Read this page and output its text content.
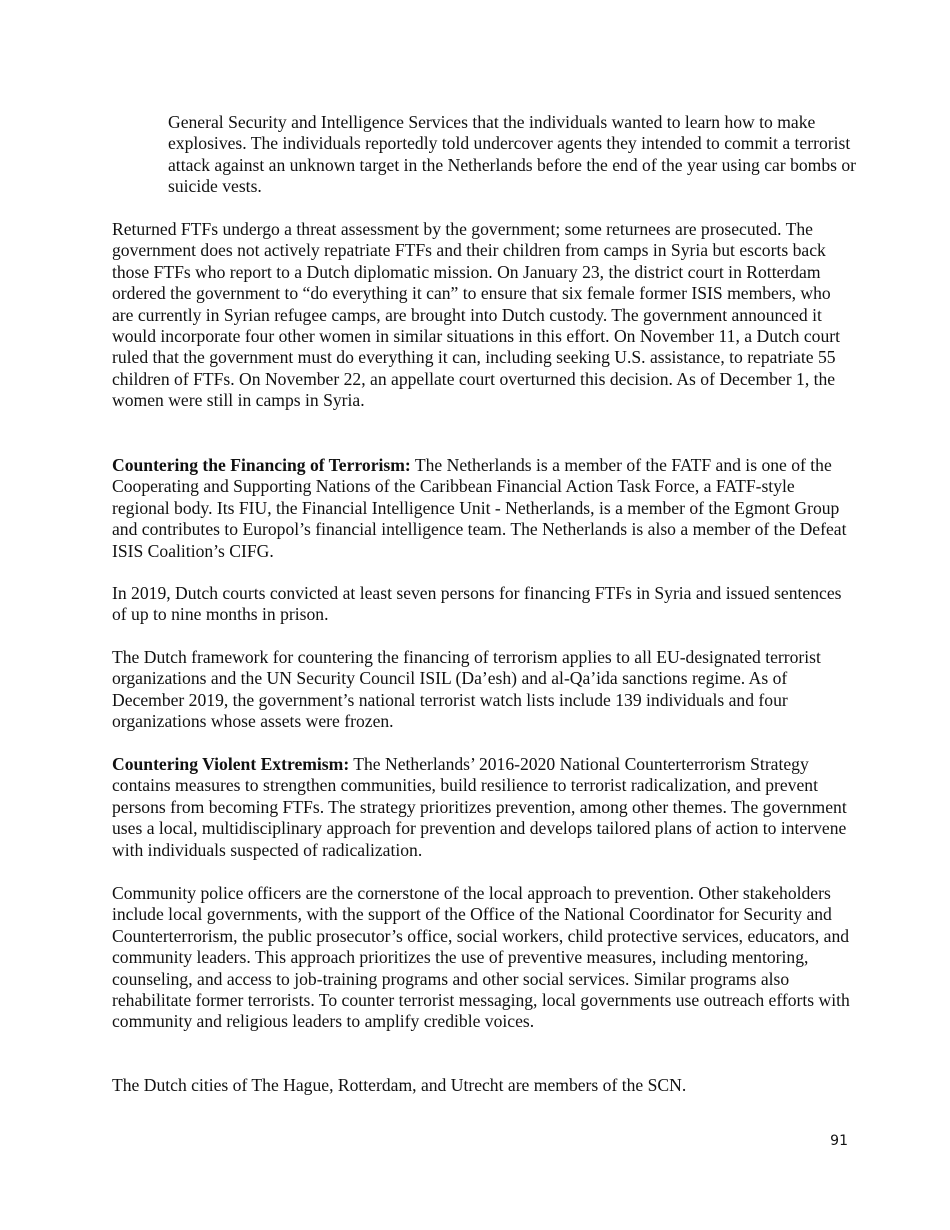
General Security and Intelligence Services that the individuals wanted to learn how to make explosives. The individuals reportedly told undercover agents they intended to commit a terrorist attack against an unknown target in the Netherlands before the end of the year using car bombs or suicide vests.

Returned FTFs undergo a threat assessment by the government; some returnees are prosecuted. The government does not actively repatriate FTFs and their children from camps in Syria but escorts back those FTFs who report to a Dutch diplomatic mission. On January 23, the district court in Rotterdam ordered the government to “do everything it can” to ensure that six female former ISIS members, who are currently in Syrian refugee camps, are brought into Dutch custody. The government announced it would incorporate four other women in similar situations in this effort. On November 11, a Dutch court ruled that the government must do everything it can, including seeking U.S. assistance, to repatriate 55 children of FTFs. On November 22, an appellate court overturned this decision. As of December 1, the women were still in camps in Syria.

Countering the Financing of Terrorism: The Netherlands is a member of the FATF and is one of the Cooperating and Supporting Nations of the Caribbean Financial Action Task Force, a FATF-style regional body. Its FIU, the Financial Intelligence Unit - Netherlands, is a member of the Egmont Group and contributes to Europol’s financial intelligence team. The Netherlands is also a member of the Defeat ISIS Coalition’s CIFG.

In 2019, Dutch courts convicted at least seven persons for financing FTFs in Syria and issued sentences of up to nine months in prison.

The Dutch framework for countering the financing of terrorism applies to all EU-designated terrorist organizations and the UN Security Council ISIL (Da’esh) and al-Qa’ida sanctions regime. As of December 2019, the government’s national terrorist watch lists include 139 individuals and four organizations whose assets were frozen.

Countering Violent Extremism: The Netherlands’ 2016-2020 National Counterterrorism Strategy contains measures to strengthen communities, build resilience to terrorist radicalization, and prevent persons from becoming FTFs. The strategy prioritizes prevention, among other themes. The government uses a local, multidisciplinary approach for prevention and develops tailored plans of action to intervene with individuals suspected of radicalization.

Community police officers are the cornerstone of the local approach to prevention. Other stakeholders include local governments, with the support of the Office of the National Coordinator for Security and Counterterrorism, the public prosecutor’s office, social workers, child protective services, educators, and community leaders. This approach prioritizes the use of preventive measures, including mentoring, counseling, and access to job-training programs and other social services. Similar programs also rehabilitate former terrorists. To counter terrorist messaging, local governments use outreach efforts with community and religious leaders to amplify credible voices.

The Dutch cities of The Hague, Rotterdam, and Utrecht are members of the SCN.

91
